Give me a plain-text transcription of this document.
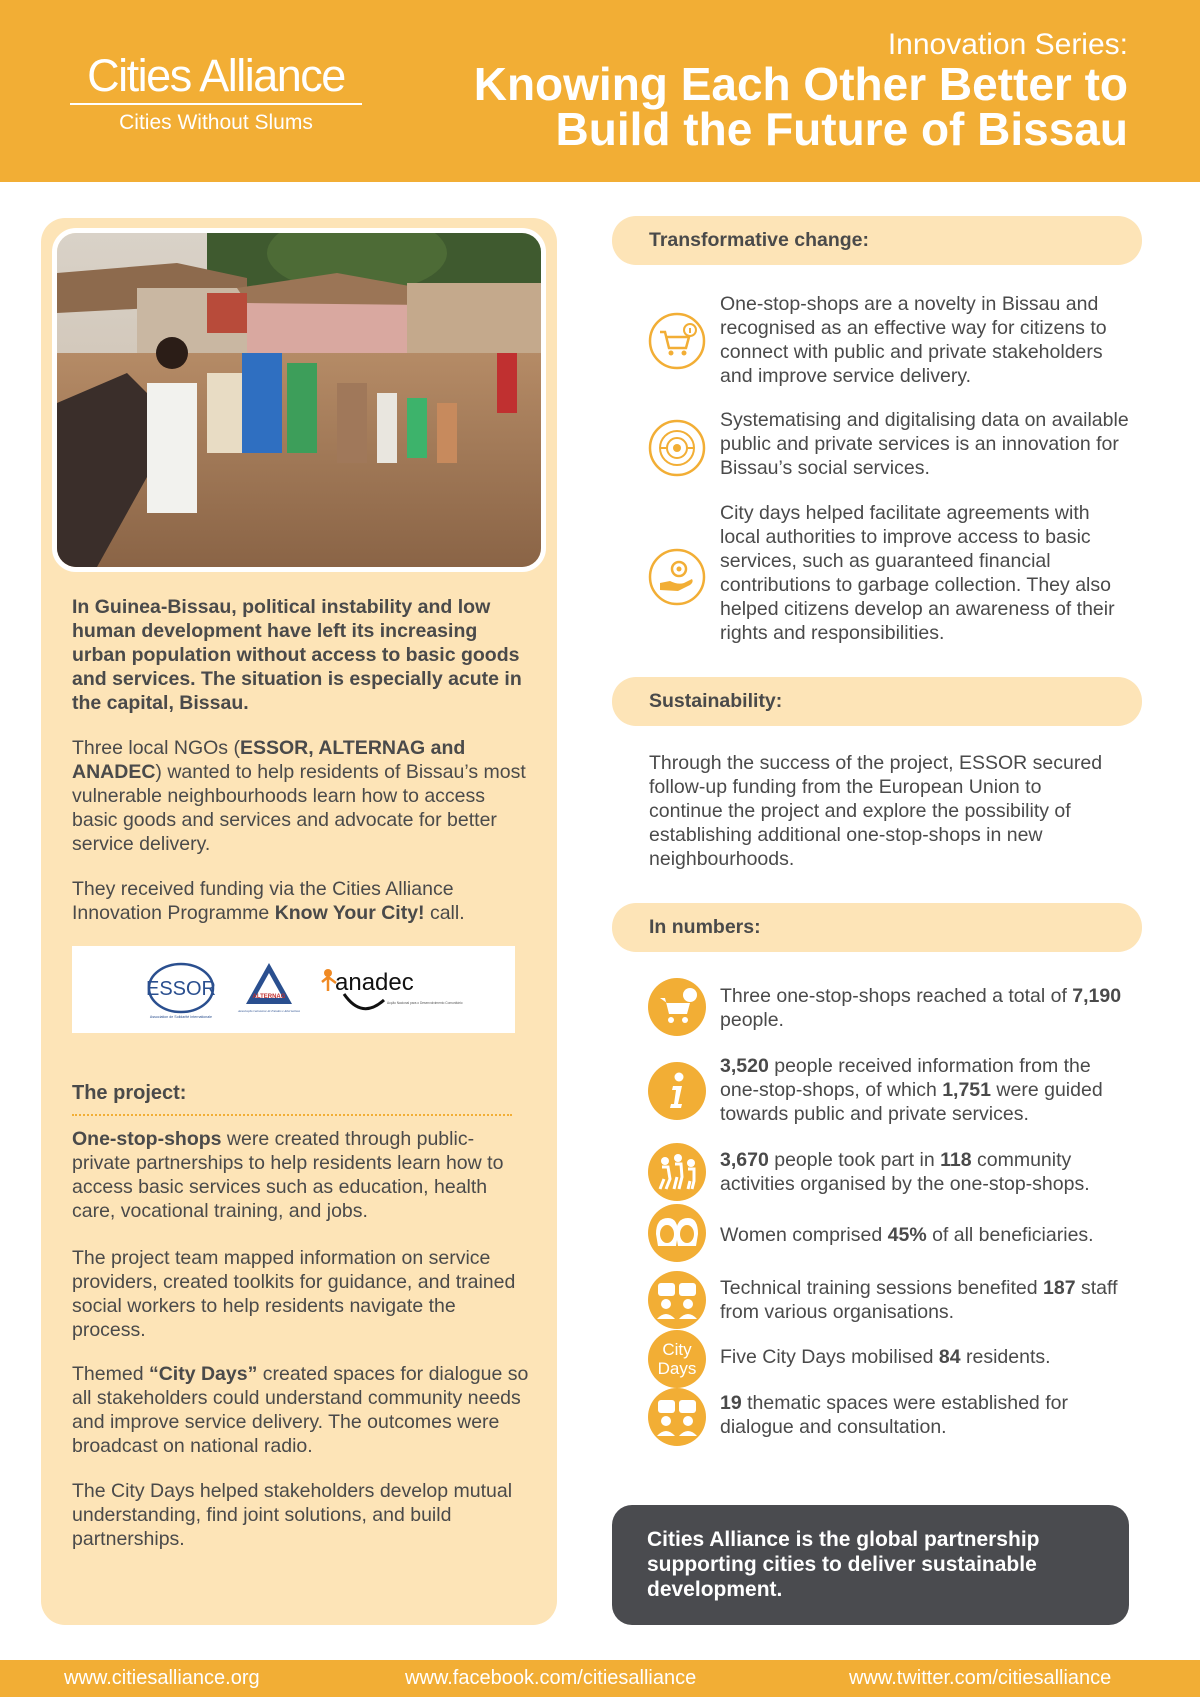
Cities Alliance
Cities Without Slums
Innovation Series:
Knowing Each Other Better to Build the Future of Bissau
In Guinea-Bissau, political instability and low human development have left its increasing urban population without access to basic goods and services. The situation is especially acute in the capital, Bissau.
Three local NGOs (ESSOR, ALTERNAG and ANADEC) wanted to help residents of Bissau’s most vulnerable neighbourhoods learn how to access basic goods and services and advocate for better service delivery.
They received funding via the Cities Alliance Innovation Programme Know Your City! call.
ESSOR
Association de Solidarité Internationale
ALTERNAG
Associação Guineense de Estudos e Alternativas
anadec
Acção Nacional para o Desenvolvimento Comunitário
The project:
One-stop-shops were created through public-private partnerships to help residents learn how to access basic services such as education, health care, vocational training, and jobs.
The project team mapped information on service providers, created toolkits for guidance, and trained social workers to help residents navigate the process.
Themed “City Days” created spaces for dialogue so all stakeholders could understand community needs and improve service delivery. The outcomes were broadcast on national radio.
The City Days helped stakeholders develop mutual understanding, find joint solutions, and build partnerships.
Transformative change:
One-stop-shops are a novelty in Bissau and recognised as an effective way for citizens to connect with public and private stakeholders and improve service delivery.
Systematising and digitalising data on available public and private services is an innovation for Bissau’s social services.
City days helped facilitate agreements with local authorities to improve access to basic services, such as guaranteed financial contributions to garbage collection. They also helped citizens develop an awareness of their rights and responsibilities.
Sustainability:
Through the success of the project, ESSOR secured follow-up funding from the European Union to continue the project and explore the possibility of establishing additional one-stop-shops in new neighbourhoods.
In numbers:
Three one-stop-shops reached a total of 7,190 people.
3,520 people received information from the one-stop-shops, of which 1,751 were guided towards public and private services.
3,670 people took part in 118 community activities organised by the one-stop-shops.
Women comprised 45% of all beneficiaries.
Technical training sessions benefited 187 staff from various organisations.
City Days
Five City Days mobilised 84 residents.
19 thematic spaces were established for dialogue and consultation.
Cities Alliance is the global partnership supporting cities to deliver sustainable development.
www.citiesalliance.org	www.facebook.com/citiesalliance	www.twitter.com/citiesalliance
